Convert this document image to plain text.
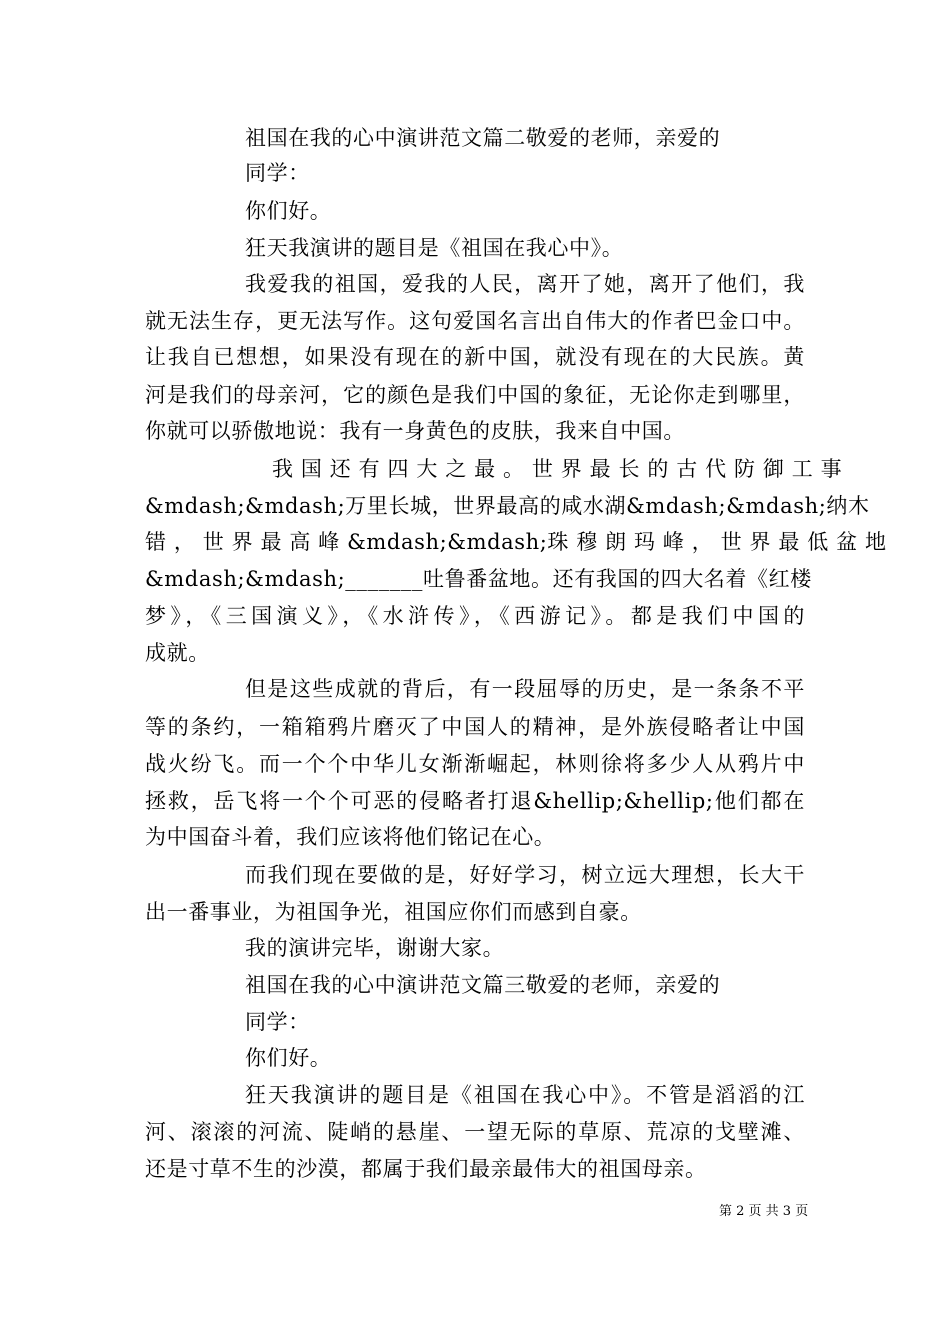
祖国在我的心中演讲范文篇二敬爱的老师，亲爱的
同学：
你们好。
狂天我演讲的题目是《祖国在我心中》。
我爱我的祖国，爱我的人民，离开了她，离开了他们，我
就无法生存，更无法写作。这句爱国名言出自伟大的作者巴金口中。
让我自已想想，如果没有现在的新中国，就没有现在的大民族。黄
河是我们的母亲河，它的颜色是我们中国的象征，无论你走到哪里，
你就可以骄傲地说：我有一身黄色的皮肤，我来自中国。
我 国 还 有 四 大 之 最 。 世 界 最 长 的 古 代 防 御 工 事
&mdash;&mdash;万里长城，世界最高的咸水湖&mdash;&mdash;纳木
错 ， 世 界 最 高 峰 &mdash;&mdash;珠 穆 朗 玛 峰 ， 世 界 最 低 盆 地
&mdash;&mdash;_______吐鲁番盆地。还有我国的四大名着《红楼
梦》，《三国演义》，《水浒传》，《西游记》。都是我们中国的
成就。
但是这些成就的背后，有一段屈辱的历史，是一条条不平
等的条约，一箱箱鸦片磨灭了中国人的精神，是外族侵略者让中国
战火纷飞。而一个个中华儿女渐渐崛起，林则徐将多少人从鸦片中
拯救，岳飞将一个个可恶的侵略者打退&hellip;&hellip;他们都在
为中国奋斗着，我们应该将他们铭记在心。
而我们现在要做的是，好好学习，树立远大理想，长大干
出一番事业，为祖国争光，祖国应你们而感到自豪。
我的演讲完毕，谢谢大家。
祖国在我的心中演讲范文篇三敬爱的老师，亲爱的
同学：
你们好。
狂天我演讲的题目是《祖国在我心中》。不管是滔滔的江
河、滚滚的河流、陡峭的悬崖、一望无际的草原、荒凉的戈壁滩、
还是寸草不生的沙漠，都属于我们最亲最伟大的祖国母亲。
第 2 页 共 3 页
